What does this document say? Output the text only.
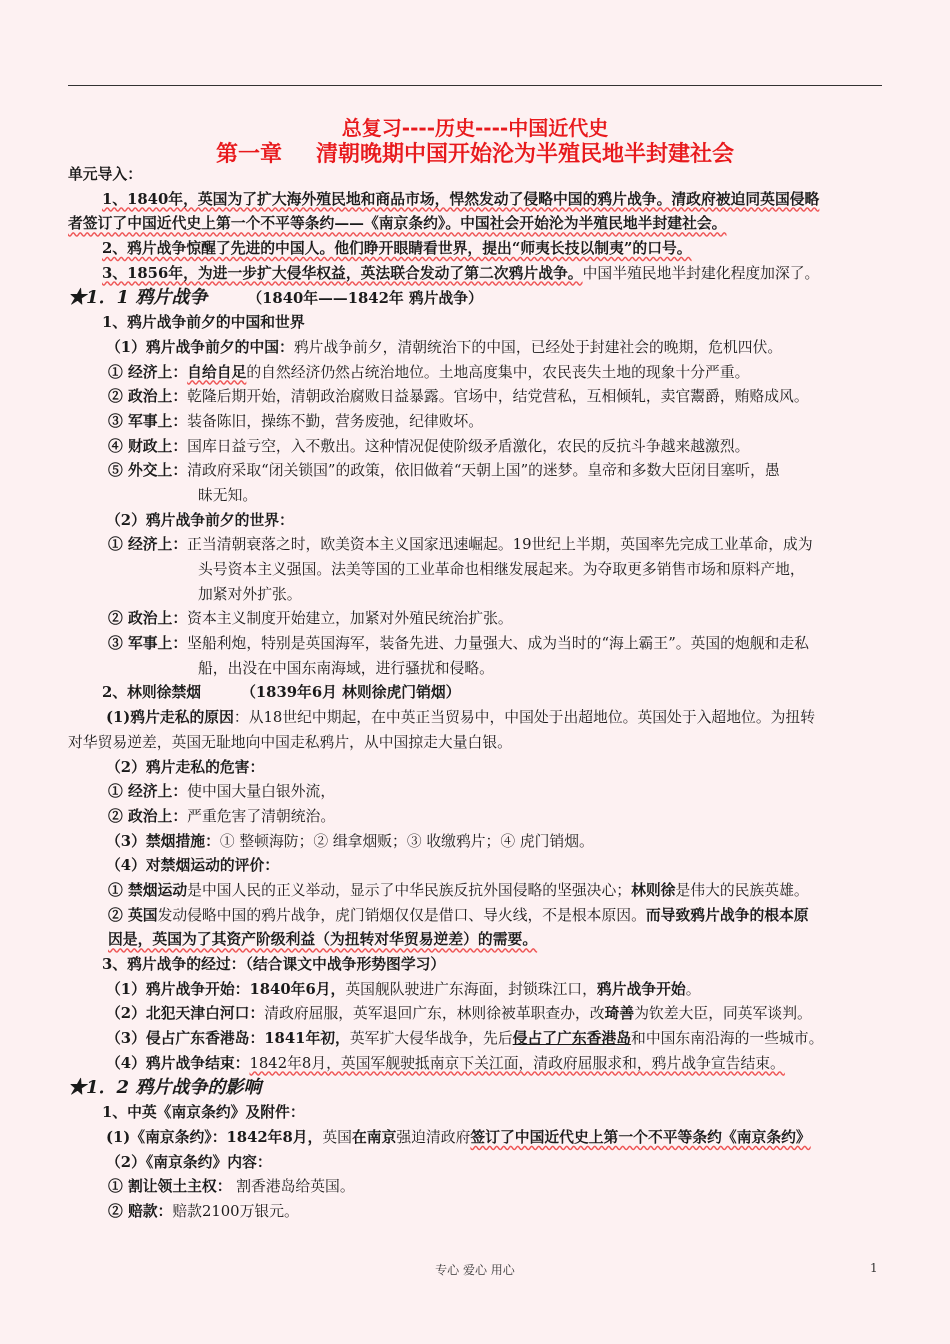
总复习----历史----中国近代史
第一章 清朝晚期中国开始沦为半殖民地半封建社会
单元导入：
1、1840年，英国为了扩大海外殖民地和商品市场，悍然发动了侵略中国的鸦片战争。清政府被迫同英国侵略
者签订了中国近代史上第一个不平等条约——《南京条约》。中国社会开始沦为半殖民地半封建社会。
2、鸦片战争惊醒了先进的中国人。他们睁开眼睛看世界，提出“师夷长技以制夷”的口号。
3、1856年，为进一步扩大侵华权益，英法联合发动了第二次鸦片战争。中国半殖民地半封建化程度加深了。
★1．1 鸦片战争	（1840年——1842年 鸦片战争）
1、鸦片战争前夕的中国和世界
（1）鸦片战争前夕的中国：鸦片战争前夕，清朝统治下的中国，已经处于封建社会的晚期，危机四伏。
① 经济上：自给自足的自然经济仍然占统治地位。土地高度集中，农民丧失土地的现象十分严重。
② 政治上：乾隆后期开始，清朝政治腐败日益暴露。官场中，结党营私，互相倾轧，卖官鬻爵，贿赂成风。
③ 军事上：装备陈旧，操练不勤，营务废弛，纪律败坏。
④ 财政上：国库日益亏空，入不敷出。这种情况促使阶级矛盾激化，农民的反抗斗争越来越激烈。
⑤ 外交上：清政府采取“闭关锁国”的政策，依旧做着“天朝上国”的迷梦。皇帝和多数大臣闭目塞听，愚
昧无知。
（2）鸦片战争前夕的世界：
① 经济上：正当清朝衰落之时，欧美资本主义国家迅速崛起。19世纪上半期，英国率先完成工业革命，成为
头号资本主义强国。法美等国的工业革命也相继发展起来。为夺取更多销售市场和原料产地，
加紧对外扩张。
② 政治上：资本主义制度开始建立，加紧对外殖民统治扩张。
③ 军事上：坚船利炮，特别是英国海军，装备先进、力量强大、成为当时的“海上霸王”。英国的炮舰和走私
船，出没在中国东南海域，进行骚扰和侵略。
2、林则徐禁烟	（1839年6月 林则徐虎门销烟）
(1)鸦片走私的原因：从18世纪中期起，在中英正当贸易中，中国处于出超地位。英国处于入超地位。为扭转
对华贸易逆差，英国无耻地向中国走私鸦片，从中国掠走大量白银。
（2）鸦片走私的危害：
① 经济上：使中国大量白银外流，
② 政治上：严重危害了清朝统治。
（3）禁烟措施：① 整顿海防；② 缉拿烟贩；③ 收缴鸦片；④ 虎门销烟。
（4）对禁烟运动的评价：
① 禁烟运动是中国人民的正义举动，显示了中华民族反抗外国侵略的坚强决心；林则徐是伟大的民族英雄。
② 英国发动侵略中国的鸦片战争，虎门销烟仅仅是借口、导火线，不是根本原因。而导致鸦片战争的根本原
因是，英国为了其资产阶级利益（为扭转对华贸易逆差）的需要。
3、鸦片战争的经过：（结合课文中战争形势图学习）
（1）鸦片战争开始：1840年6月，英国舰队驶进广东海面，封锁珠江口，鸦片战争开始。
（2）北犯天津白河口：清政府屈服，英军退回广东，林则徐被革职查办，改琦善为钦差大臣，同英军谈判。
（3）侵占广东香港岛：1841年初，英军扩大侵华战争，先后侵占了广东香港岛和中国东南沿海的一些城市。
（4）鸦片战争结束：1842年8月，英国军舰驶抵南京下关江面，清政府屈服求和，鸦片战争宣告结束。
★1．2 鸦片战争的影响
1、中英《南京条约》及附件：
(1)《南京条约》：1842年8月，英国在南京强迫清政府签订了中国近代史上第一个不平等条约《南京条约》
（2）《南京条约》内容：
① 割让领土主权： 割香港岛给英国。
② 赔款：赔款2100万银元。
专心 爱心 用心	1
